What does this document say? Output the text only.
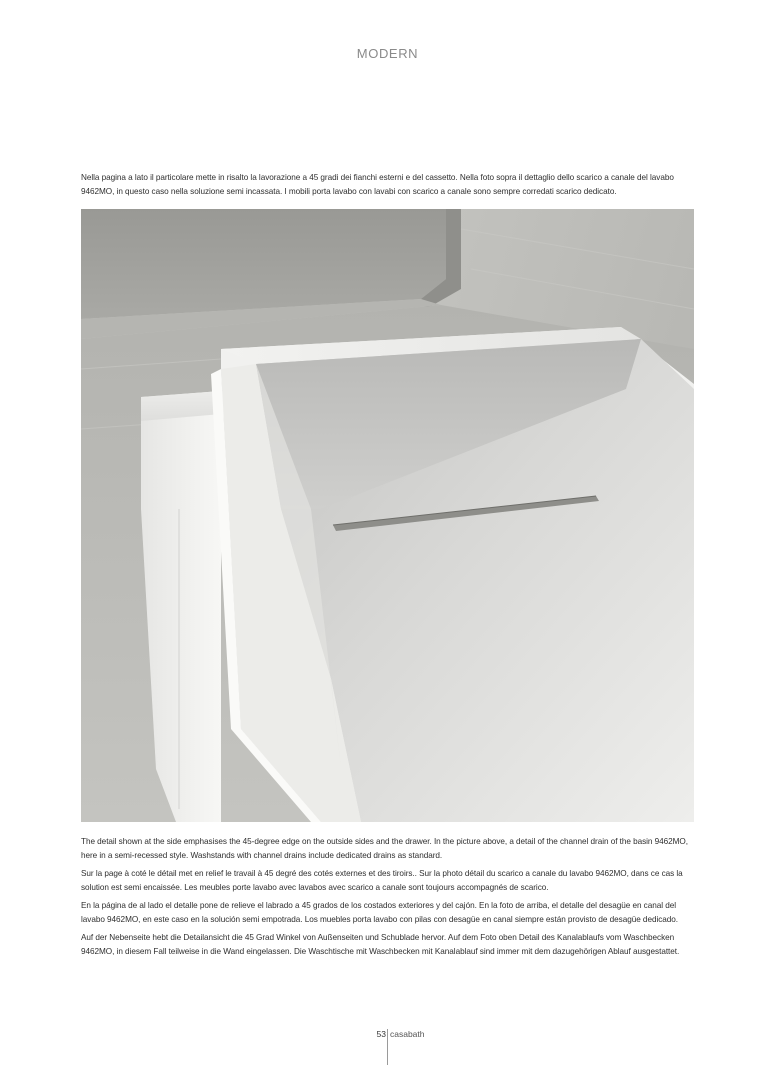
MODERN

Nella pagina a lato il particolare mette in risalto la lavorazione a 45 gradi dei fianchi esterni e del cassetto. Nella foto sopra il dettaglio dello scarico a canale del lavabo 9462MO, in questo caso nella soluzione semi incassata. I mobili porta lavabo con lavabi con scarico a canale sono sempre corredati scarico dedicato.

The detail shown at the side emphasises the 45-degree edge on the outside sides and the drawer. In the picture above, a detail of the channel drain of the basin 9462MO, here in a semi-recessed style. Washstands with channel drains include dedicated drains as standard.

Sur la page à coté le détail met en relief le travail à 45 degré des cotés externes et des tiroirs.. Sur la photo détail du scarico a canale du lavabo 9462MO, dans ce cas la solution est semi encaissée. Les meubles porte lavabo avec lavabos avec scarico a canale sont toujours accompagnés de scarico.

En la página de al lado el detalle pone de relieve el labrado a 45 grados de los costados exteriores y del cajón. En la foto de arriba, el detalle del desagüe en canal del lavabo 9462MO, en este caso en la solución semi empotrada. Los muebles porta lavabo con pilas con desagüe en canal siempre están provisto de desagüe dedicado.

Auf der Nebenseite hebt die Detailansicht die 45 Grad Winkel von Außenseiten und Schublade hervor. Auf dem Foto oben Detail des Kanalablaufs vom Waschbecken 9462MO, in diesem Fall teilweise in die Wand eingelassen. Die Waschtische mit Waschbecken mit Kanalablauf sind immer mit dem dazugehörigen Ablauf ausgestattet.

53 casabath
